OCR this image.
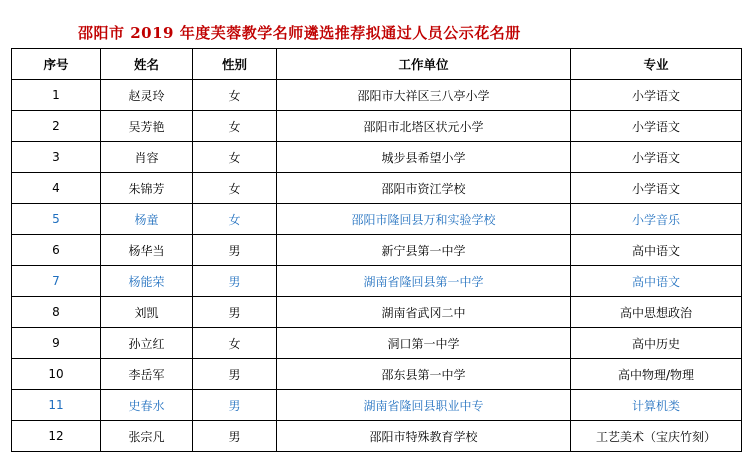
邵阳市 2019 年度芙蓉教学名师遴选推荐拟通过人员公示花名册
序号	姓名	性别	工作单位	专业
1	赵灵玲	女	邵阳市大祥区三八亭小学	小学语文
2	吴芳艳	女	邵阳市北塔区状元小学	小学语文
3	肖容	女	城步县希望小学	小学语文
4	朱锦芳	女	邵阳市资江学校	小学语文
5	杨童	女	邵阳市隆回县万和实验学校	小学音乐
6	杨华当	男	新宁县第一中学	高中语文
7	杨能荣	男	湖南省隆回县第一中学	高中语文
8	刘凯	男	湖南省武冈二中	高中思想政治
9	孙立红	女	洞口第一中学	高中历史
10	李岳军	男	邵东县第一中学	高中物理/物理
11	史春水	男	湖南省隆回县职业中专	计算机类
12	张宗凡	男	邵阳市特殊教育学校	工艺美术（宝庆竹刻）
